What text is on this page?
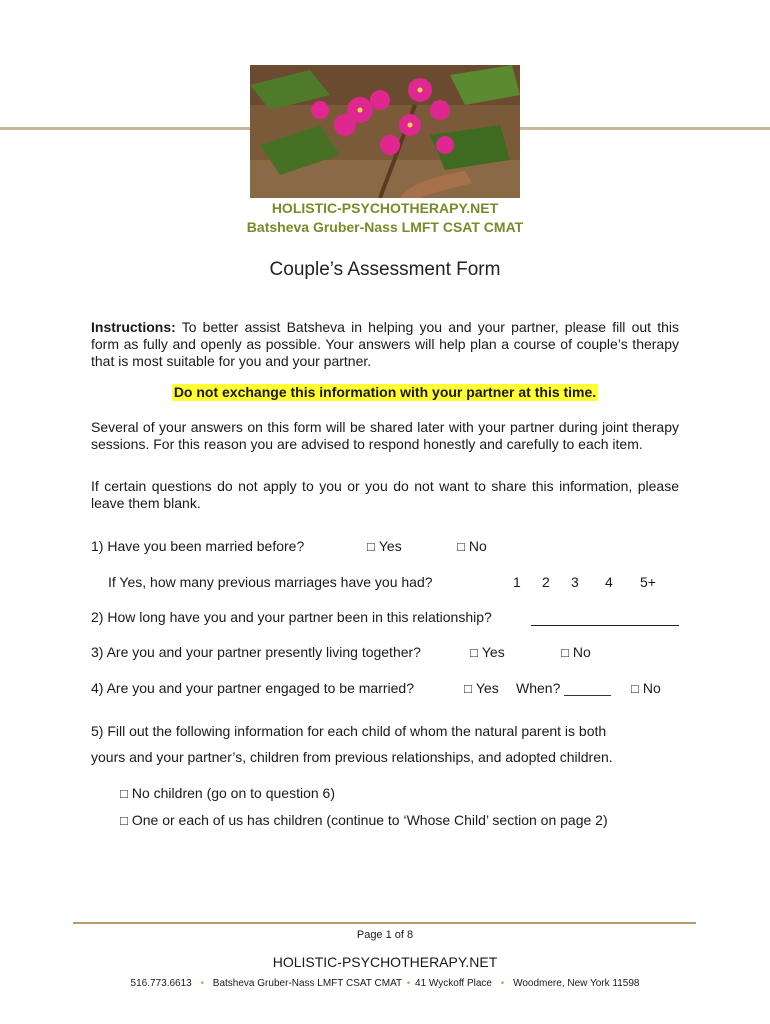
HOLISTIC-PSYCHOTHERAPY.NET
Batsheva Gruber-Nass LMFT CSAT CMAT
Couple’s Assessment Form
Instructions: To better assist Batsheva in helping you and your partner, please fill out this form as fully and openly as possible. Your answers will help plan a course of couple’s therapy that is most suitable for you and your partner.
Do not exchange this information with your partner at this time.
Several of your answers on this form will be shared later with your partner during joint therapy sessions. For this reason you are advised to respond honestly and carefully to each item.
If certain questions do not apply to you or you do not want to share this information, please leave them blank.
1) Have you been married before?	□ Yes	□ No
If Yes, how many previous marriages have you had?	1 2 3 4 5+
2) How long have you and your partner been in this relationship?
3) Are you and your partner presently living together?	□ Yes	□ No
4) Are you and your partner engaged to be married?	□ Yes When? ______ □ No
5) Fill out the following information for each child of whom the natural parent is both
yours and your partner’s, children from previous relationships, and adopted children.
□ No children (go on to question 6)
□ One or each of us has children (continue to ‘Whose Child’ section on page 2)
Page 1 of 8
HOLISTIC-PSYCHOTHERAPY.NET
516.773.6613 • Batsheva Gruber-Nass LMFT CSAT CMAT • 41 Wyckoff Place • Woodmere, New York 11598
